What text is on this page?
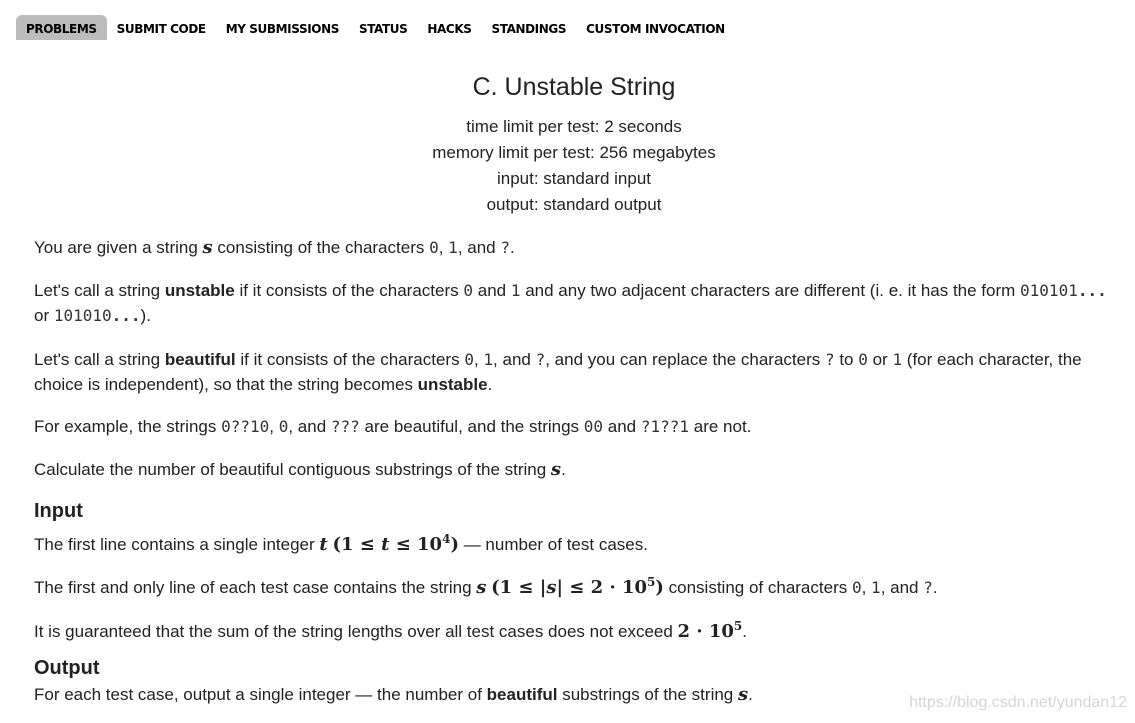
PROBLEMS	SUBMIT CODE	MY SUBMISSIONS	STATUS	HACKS	STANDINGS	CUSTOM INVOCATION
C. Unstable String
time limit per test: 2 seconds
memory limit per test: 256 megabytes
input: standard input
output: standard output
You are given a string s consisting of the characters 0, 1, and ?.
Let's call a string unstable if it consists of the characters 0 and 1 and any two adjacent characters are different (i. e. it has the form 010101... or 101010...).
Let's call a string beautiful if it consists of the characters 0, 1, and ?, and you can replace the characters ? to 0 or 1 (for each character, the choice is independent), so that the string becomes unstable.
For example, the strings 0??10, 0, and ??? are beautiful, and the strings 00 and ?1??1 are not.
Calculate the number of beautiful contiguous substrings of the string s.
Input
The first line contains a single integer t $(1 \le t \le 10^4)$ — number of test cases.
The first and only line of each test case contains the string s $(1 \le |s| \le 2 \cdot 10^5)$ consisting of characters 0, 1, and ?.
It is guaranteed that the sum of the string lengths over all test cases does not exceed $2 \cdot 10^5$.
Output
For each test case, output a single integer — the number of beautiful substrings of the string s.	https://blog.csdn.net/yundan12
